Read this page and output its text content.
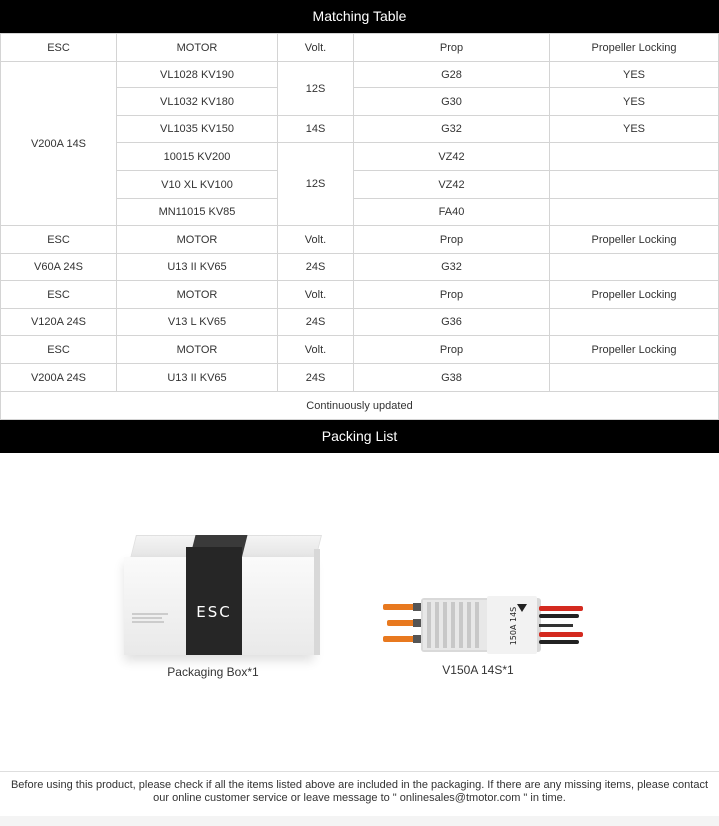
Matching Table
ESC	MOTOR	Volt.	Prop	Propeller Locking
V200A 14S	VL1028 KV190	12S	G28	YES
	VL1032 KV180		G30	YES
	VL1035 KV150	14S	G32	YES
	10015 KV200	12S	VZ42	
	V10 XL KV100		VZ42	
	MN11015 KV85		FA40	
ESC	MOTOR	Volt.	Prop	Propeller Locking
V60A 24S	U13 II KV65	24S	G32	
ESC	MOTOR	Volt.	Prop	Propeller Locking
V120A 24S	V13 L KV65	24S	G36	
ESC	MOTOR	Volt.	Prop	Propeller Locking
V200A 24S	U13 II KV65	24S	G38	
Continuously updated				
Packing List
ESC
Packaging Box*1
150A 14S
V150A 14S*1
Before using this product, please check if all the items listed above are included in the packaging. If there are any missing items, please contact our online customer service or leave message to " onlinesales@tmotor.com " in time.
